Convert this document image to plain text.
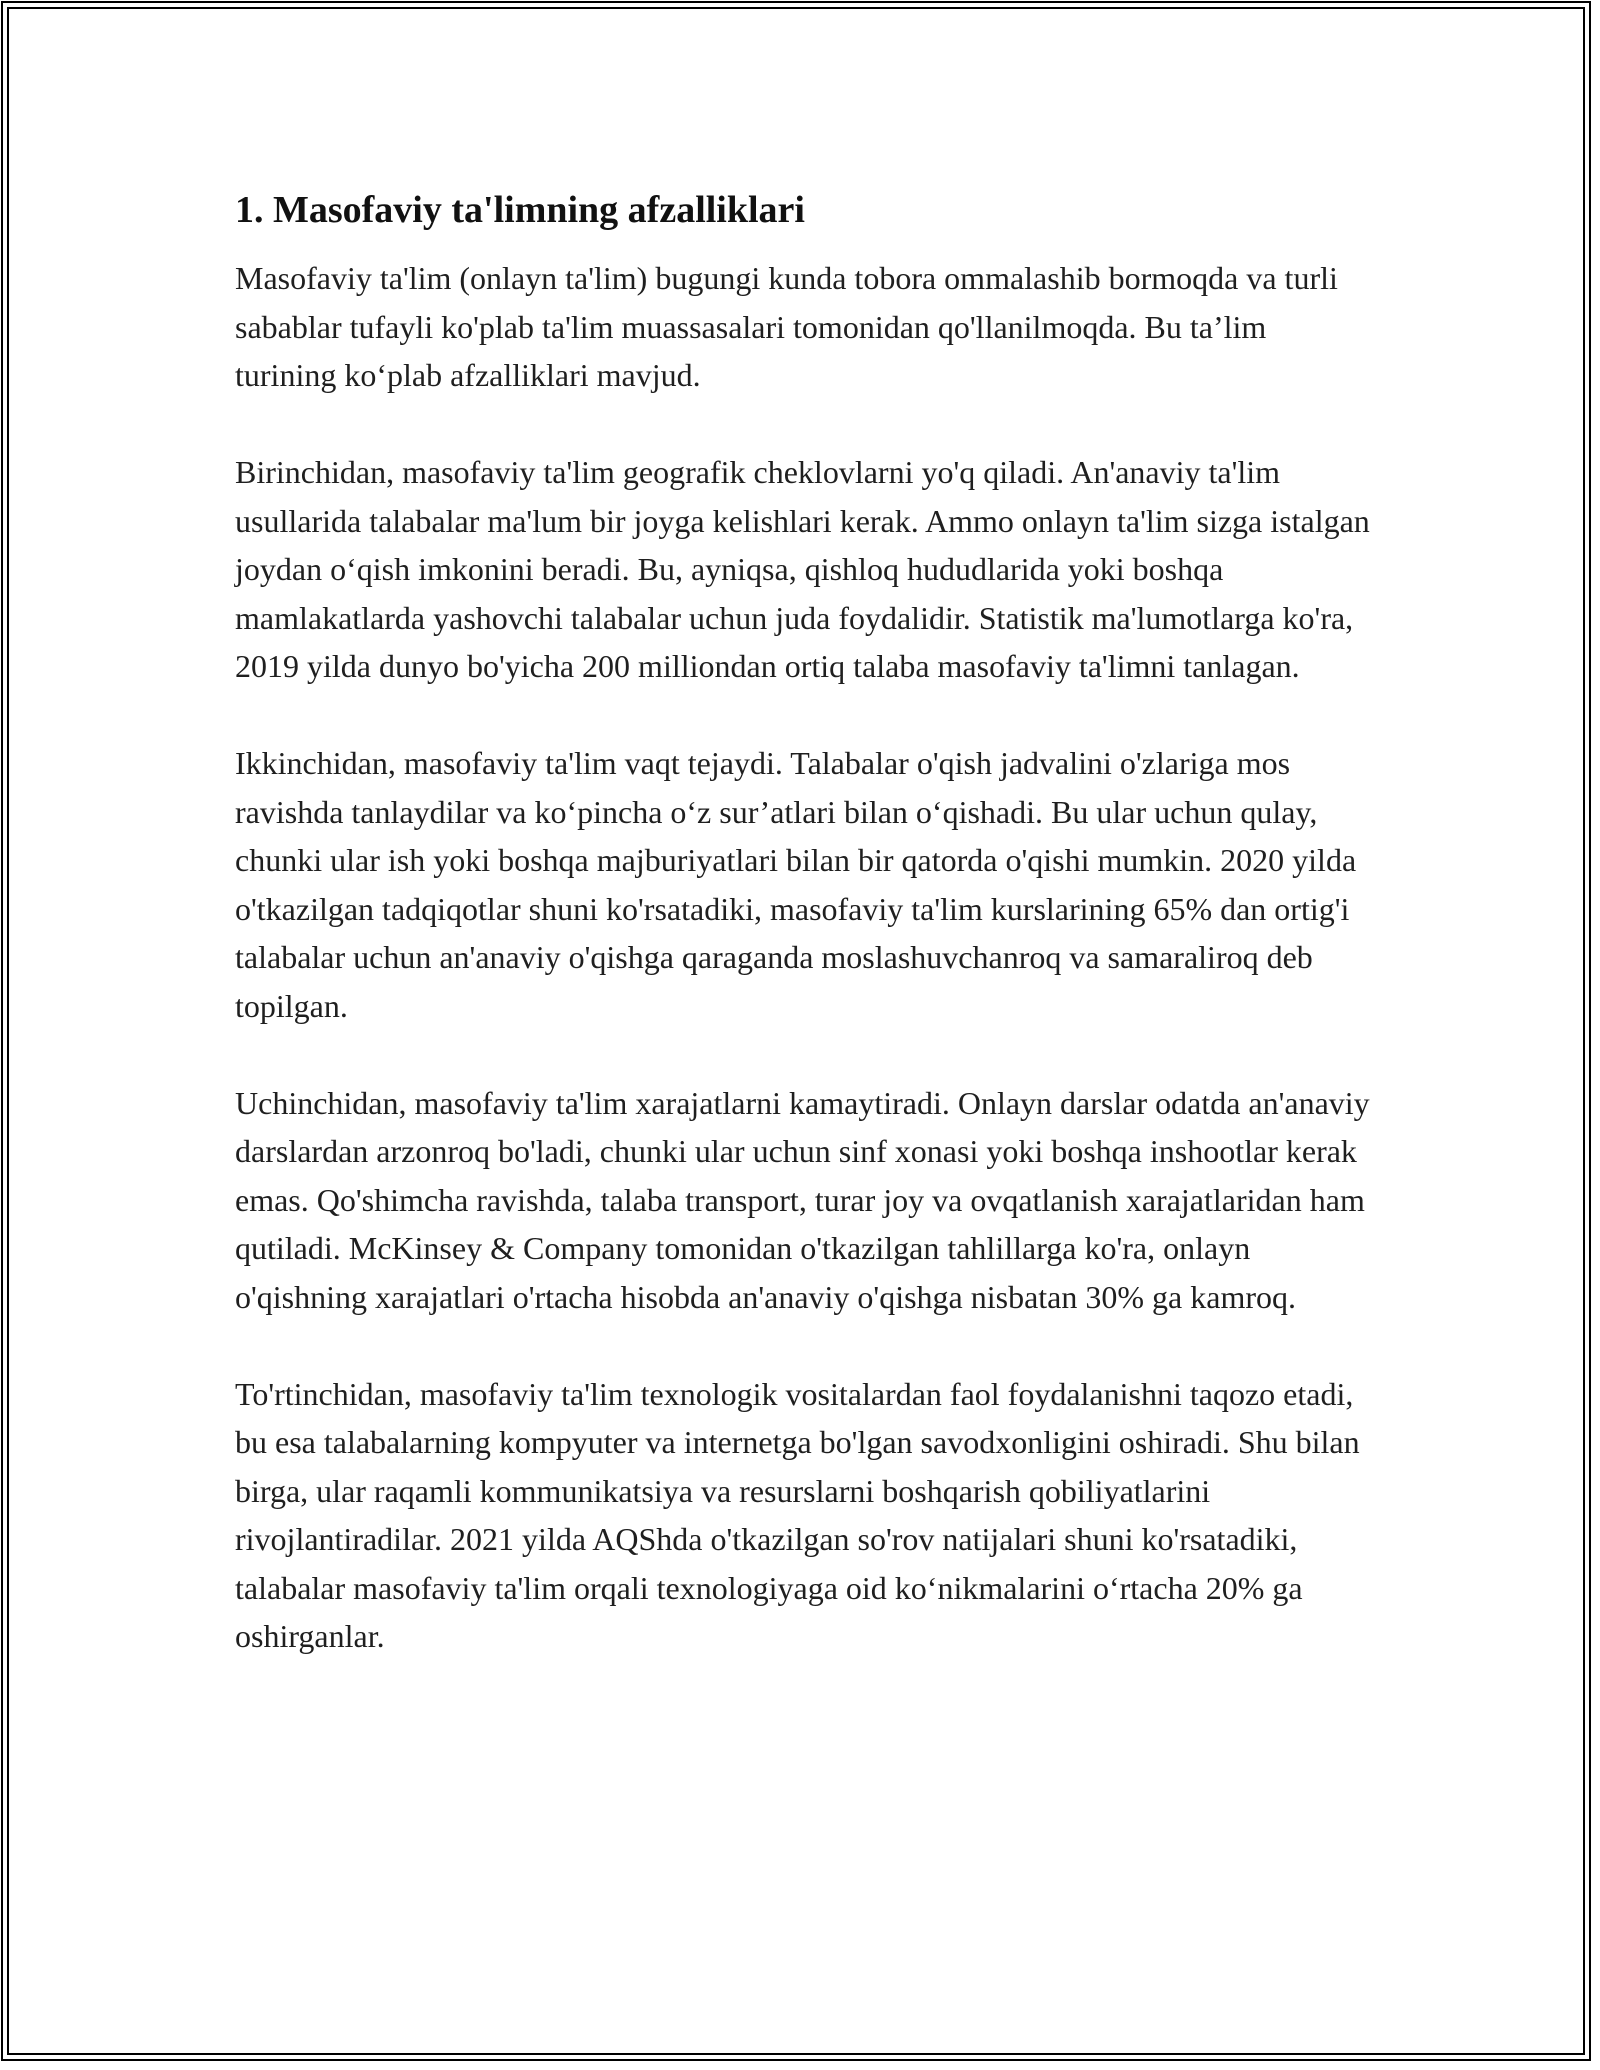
1. Masofaviy ta'limning afzalliklari

Masofaviy ta'lim (onlayn ta'lim) bugungi kunda tobora ommalashib bormoqda va turli sabablar tufayli ko'plab ta'lim muassasalari tomonidan qo'llanilmoqda. Bu ta’lim turining ko‘plab afzalliklari mavjud.

Birinchidan, masofaviy ta'lim geografik cheklovlarni yo'q qiladi. An'anaviy ta'lim usullarida talabalar ma'lum bir joyga kelishlari kerak. Ammo onlayn ta'lim sizga istalgan joydan o‘qish imkonini beradi. Bu, ayniqsa, qishloq hududlarida yoki boshqa mamlakatlarda yashovchi talabalar uchun juda foydalidir. Statistik ma'lumotlarga ko'ra, 2019 yilda dunyo bo'yicha 200 milliondan ortiq talaba masofaviy ta'limni tanlagan.

Ikkinchidan, masofaviy ta'lim vaqt tejaydi. Talabalar o'qish jadvalini o'zlariga mos ravishda tanlaydilar va ko‘pincha o‘z sur’atlari bilan o‘qishadi. Bu ular uchun qulay, chunki ular ish yoki boshqa majburiyatlari bilan bir qatorda o'qishi mumkin. 2020 yilda o'tkazilgan tadqiqotlar shuni ko'rsatadiki, masofaviy ta'lim kurslarining 65% dan ortig'i talabalar uchun an'anaviy o'qishga qaraganda moslashuvchanroq va samaraliroq deb topilgan.

Uchinchidan, masofaviy ta'lim xarajatlarni kamaytiradi. Onlayn darslar odatda an'anaviy darslardan arzonroq bo'ladi, chunki ular uchun sinf xonasi yoki boshqa inshootlar kerak emas. Qo'shimcha ravishda, talaba transport, turar joy va ovqatlanish xarajatlaridan ham qutiladi. McKinsey & Company tomonidan o'tkazilgan tahlillarga ko'ra, onlayn o'qishning xarajatlari o'rtacha hisobda an'anaviy o'qishga nisbatan 30% ga kamroq.

To'rtinchidan, masofaviy ta'lim texnologik vositalardan faol foydalanishni taqozo etadi, bu esa talabalarning kompyuter va internetga bo'lgan savodxonligini oshiradi. Shu bilan birga, ular raqamli kommunikatsiya va resurslarni boshqarish qobiliyatlarini rivojlantiradilar. 2021 yilda AQShda o'tkazilgan so'rov natijalari shuni ko'rsatadiki, talabalar masofaviy ta'lim orqali texnologiyaga oid ko‘nikmalarini o‘rtacha 20% ga oshirganlar.
